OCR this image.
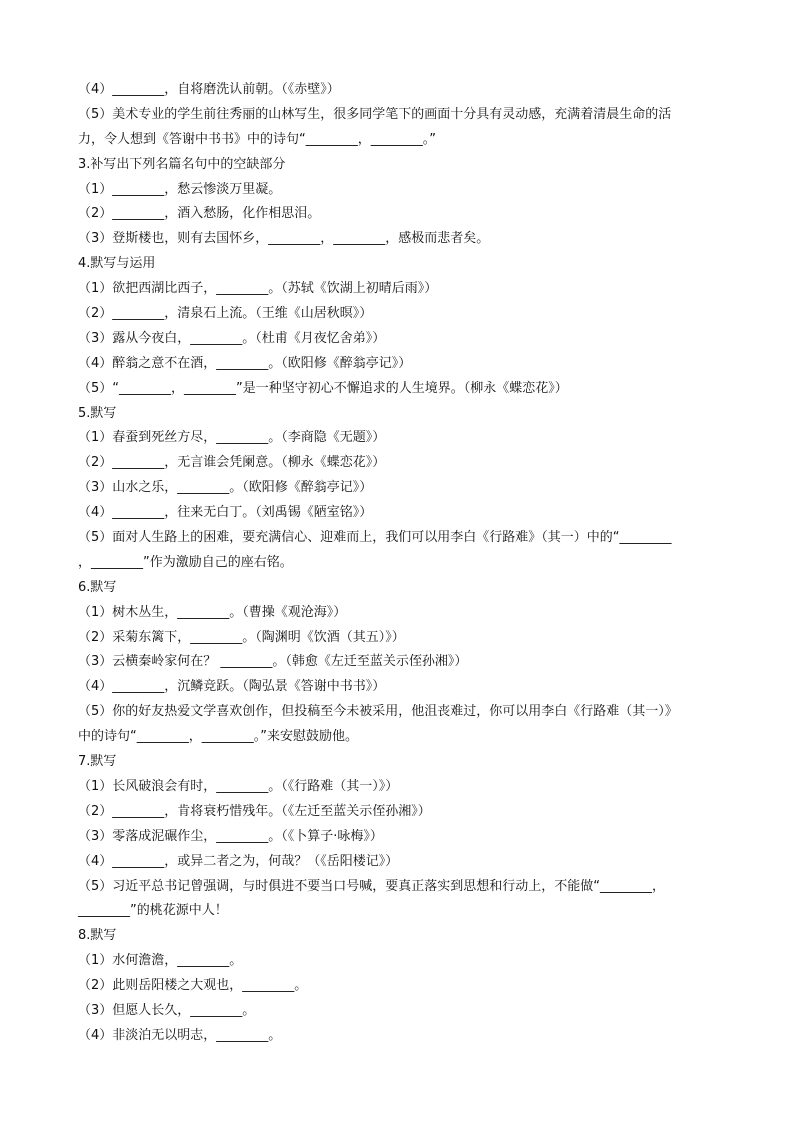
（4）________，自将磨洗认前朝。（《赤壁》）
（5）美术专业的学生前往秀丽的山林写生，很多同学笔下的画面十分具有灵动感，充满着清晨生命的活
力，令人想到《答谢中书书》中的诗句“________，________。”
3.补写出下列名篇名句中的空缺部分
（1）________，愁云惨淡万里凝。
（2）________，酒入愁肠，化作相思泪。
（3）登斯楼也，则有去国怀乡，________，________，感极而悲者矣。
4.默写与运用
（1）欲把西湖比西子，________。（苏轼《饮湖上初晴后雨》）
（2）________，清泉石上流。（王维《山居秋暝》）
（3）露从今夜白，________。（杜甫《月夜忆舍弟》）
（4）醉翁之意不在酒，________。（欧阳修《醉翁亭记》）
（5）“________，________”是一种坚守初心不懈追求的人生境界。（柳永《蝶恋花》）
5.默写
（1）春蚕到死丝方尽，________。（李商隐《无题》）
（2）________，无言谁会凭阑意。（柳永《蝶恋花》）
（3）山水之乐，________。（欧阳修《醉翁亭记》）
（4）________，往来无白丁。（刘禹锡《陋室铭》）
（5）面对人生路上的困难，要充满信心、迎难而上，我们可以用李白《行路难》（其一）中的“________
，________”作为激励自己的座右铭。
6.默写
（1）树木丛生，________。（曹操《观沧海》）
（2）采菊东篱下，________。（陶渊明《饮酒（其五）》）
（3）云横秦岭家何在？ ________。（韩愈《左迁至蓝关示侄孙湘》）
（4）________，沉鳞竞跃。（陶弘景《答谢中书书》）
（5）你的好友热爱文学喜欢创作，但投稿至今未被采用，他沮丧难过，你可以用李白《行路难（其一）》
中的诗句“________，________。”来安慰鼓励他。
7.默写
（1）长风破浪会有时，________。（《行路难（其一）》）
（2）________，肯将衰朽惜残年。（《左迁至蓝关示侄孙湘》）
（3）零落成泥碾作尘，________。（《卜算子·咏梅》）
（4）________，或异二者之为，何哉？（《岳阳楼记》）
（5）习近平总书记曾强调，与时俱进不要当口号喊，要真正落实到思想和行动上，不能做“________，
________”的桃花源中人！
8.默写
（1）水何澹澹，________。
（2）此则岳阳楼之大观也，________。
（3）但愿人长久，________。
（4）非淡泊无以明志，________。
